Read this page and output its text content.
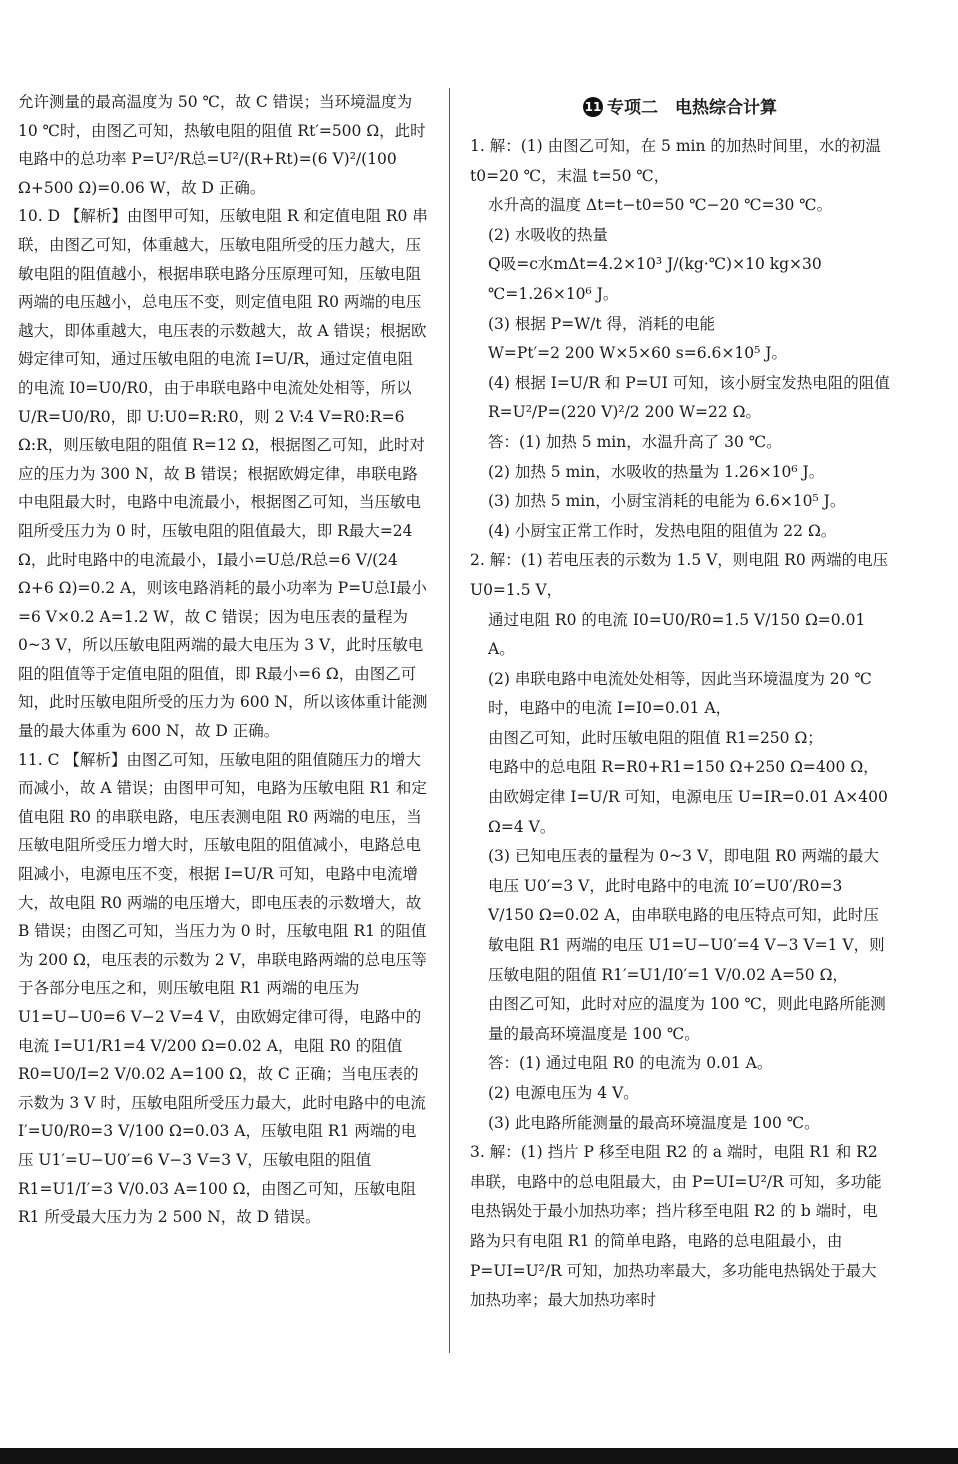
允许测量的最高温度为 50 ℃，故 C 错误；当环境温度为 10 ℃时，由图乙可知，热敏电阻的阻值 Rt′=500 Ω，此时电路中的总功率 P=U²/R总=U²/(R+Rt)=(6 V)²/(100 Ω+500 Ω)=0.06 W，故 D 正确。

10. D 【解析】由图甲可知，压敏电阻 R 和定值电阻 R0 串联，由图乙可知，体重越大，压敏电阻所受的压力越大，压敏电阻的阻值越小，根据串联电路分压原理可知，压敏电阻两端的电压越小，总电压不变，则定值电阻 R0 两端的电压越大，即体重越大，电压表的示数越大，故 A 错误；根据欧姆定律可知，通过压敏电阻的电流 I=U/R，通过定值电阻的电流 I0=U0/R0，由于串联电路中电流处处相等，所以 U/R=U0/R0，即 U:U0=R:R0，则 2 V:4 V=R0:R=6 Ω:R，则压敏电阻的阻值 R=12 Ω，根据图乙可知，此时对应的压力为 300 N，故 B 错误；根据欧姆定律，串联电路中电阻最大时，电路中电流最小，根据图乙可知，当压敏电阻所受压力为 0 时，压敏电阻的阻值最大，即 R最大=24 Ω，此时电路中的电流最小，I最小=U总/R总=6 V/(24 Ω+6 Ω)=0.2 A，则该电路消耗的最小功率为 P=U总I最小=6 V×0.2 A=1.2 W，故 C 错误；因为电压表的量程为 0~3 V，所以压敏电阻两端的最大电压为 3 V，此时压敏电阻的阻值等于定值电阻的阻值，即 R最小=6 Ω，由图乙可知，此时压敏电阻所受的压力为 600 N，所以该体重计能测量的最大体重为 600 N，故 D 正确。

11. C 【解析】由图乙可知，压敏电阻的阻值随压力的增大而减小，故 A 错误；由图甲可知，电路为压敏电阻 R1 和定值电阻 R0 的串联电路，电压表测电阻 R0 两端的电压，当压敏电阻所受压力增大时，压敏电阻的阻值减小，电路总电阻减小，电源电压不变，根据 I=U/R 可知，电路中电流增大，故电阻 R0 两端的电压增大，即电压表的示数增大，故 B 错误；由图乙可知，当压力为 0 时，压敏电阻 R1 的阻值为 200 Ω，电压表的示数为 2 V，串联电路两端的总电压等于各部分电压之和，则压敏电阻 R1 两端的电压为 U1=U−U0=6 V−2 V=4 V，由欧姆定律可得，电路中的电流 I=U1/R1=4 V/200 Ω=0.02 A，电阻 R0 的阻值 R0=U0/I=2 V/0.02 A=100 Ω，故 C 正确；当电压表的示数为 3 V 时，压敏电阻所受压力最大，此时电路中的电流 I′=U0/R0=3 V/100 Ω=0.03 A，压敏电阻 R1 两端的电压 U1′=U−U0′=6 V−3 V=3 V，压敏电阻的阻值 R1=U1/I′=3 V/0.03 A=100 Ω，由图乙可知，压敏电阻 R1 所受最大压力为 2 500 N，故 D 错误。

11 专项二　电热综合计算

1. 解：(1) 由图乙可知，在 5 min 的加热时间里，水的初温 t0=20 ℃，末温 t=50 ℃，

水升高的温度 Δt=t−t0=50 ℃−20 ℃=30 ℃。

(2) 水吸收的热量

Q吸=c水mΔt=4.2×10³ J/(kg·℃)×10 kg×30 ℃=1.26×10⁶ J。

(3) 根据 P=W/t 得，消耗的电能

W=Pt′=2 200 W×5×60 s=6.6×10⁵ J。

(4) 根据 I=U/R 和 P=UI 可知，该小厨宝发热电阻的阻值

R=U²/P=(220 V)²/2 200 W=22 Ω。

答：(1) 加热 5 min，水温升高了 30 ℃。

(2) 加热 5 min，水吸收的热量为 1.26×10⁶ J。

(3) 加热 5 min，小厨宝消耗的电能为 6.6×10⁵ J。

(4) 小厨宝正常工作时，发热电阻的阻值为 22 Ω。

2. 解：(1) 若电压表的示数为 1.5 V，则电阻 R0 两端的电压 U0=1.5 V，

通过电阻 R0 的电流 I0=U0/R0=1.5 V/150 Ω=0.01 A。

(2) 串联电路中电流处处相等，因此当环境温度为 20 ℃时，电路中的电流 I=I0=0.01 A，

由图乙可知，此时压敏电阻的阻值 R1=250 Ω；

电路中的总电阻 R=R0+R1=150 Ω+250 Ω=400 Ω，

由欧姆定律 I=U/R 可知，电源电压 U=IR=0.01 A×400 Ω=4 V。

(3) 已知电压表的量程为 0~3 V，即电阻 R0 两端的最大电压 U0′=3 V，此时电路中的电流 I0′=U0′/R0=3 V/150 Ω=0.02 A，由串联电路的电压特点可知，此时压敏电阻 R1 两端的电压 U1=U−U0′=4 V−3 V=1 V，则压敏电阻的阻值 R1′=U1/I0′=1 V/0.02 A=50 Ω，

由图乙可知，此时对应的温度为 100 ℃，则此电路所能测量的最高环境温度是 100 ℃。

答：(1) 通过电阻 R0 的电流为 0.01 A。

(2) 电源电压为 4 V。

(3) 此电路所能测量的最高环境温度是 100 ℃。

3. 解：(1) 挡片 P 移至电阻 R2 的 a 端时，电阻 R1 和 R2 串联，电路中的总电阻最大，由 P=UI=U²/R 可知，多功能电热锅处于最小加热功率；挡片移至电阻 R2 的 b 端时，电路为只有电阻 R1 的简单电路，电路的总电阻最小，由 P=UI=U²/R 可知，加热功率最大，多功能电热锅处于最大加热功率；最大加热功率时
